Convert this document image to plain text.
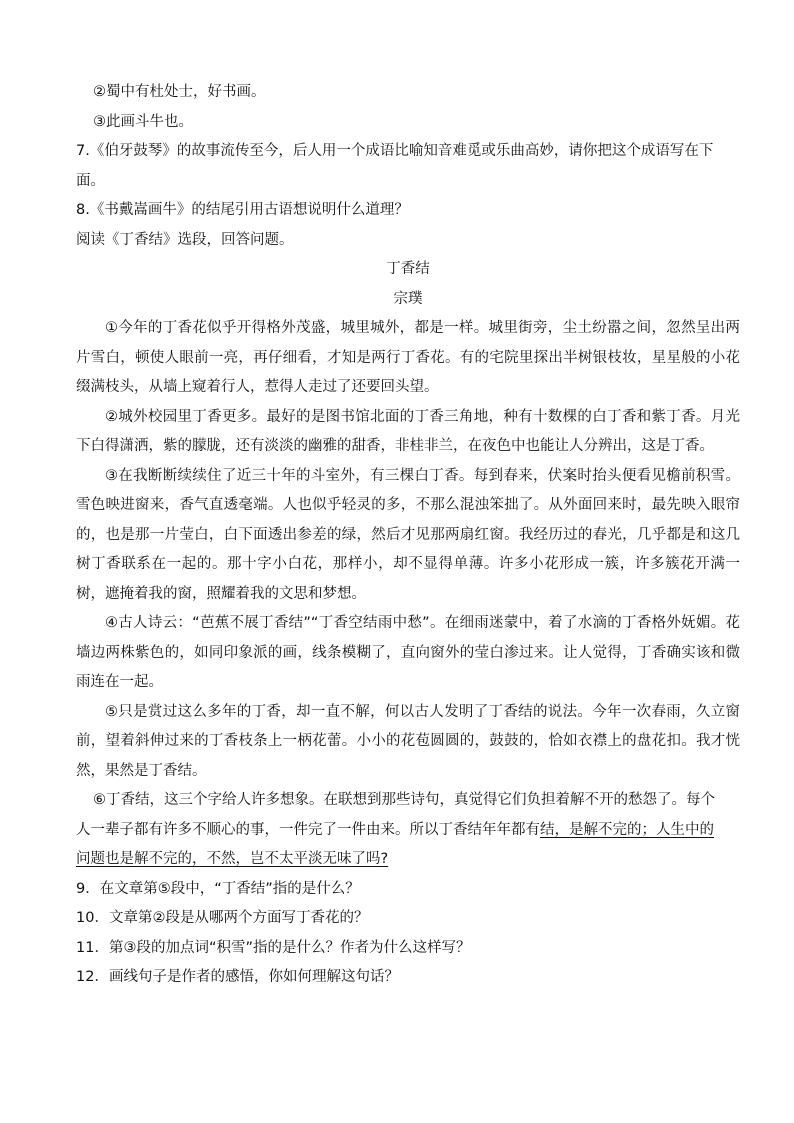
②蜀中有杜处士，好书画。

③此画斗牛也。

7.《伯牙鼓琴》的故事流传至今，后人用一个成语比喻知音难觅或乐曲高妙，请你把这个成语写在下

面。

8.《书戴嵩画牛》的结尾引用古语想说明什么道理？

阅读《丁香结》选段，回答问题。

丁香结

宗璞

①今年的丁香花似乎开得格外茂盛，城里城外，都是一样。城里街旁，尘土纷嚣之间，忽然呈出两片雪白，顿使人眼前一亮，再仔细看，才知是两行丁香花。有的宅院里探出半树银枝妆，星星般的小花缀满枝头，从墙上窥着行人，惹得人走过了还要回头望。

②城外校园里丁香更多。最好的是图书馆北面的丁香三角地，种有十数棵的白丁香和紫丁香。月光下白得潇洒，紫的朦胧，还有淡淡的幽雅的甜香，非桂非兰，在夜色中也能让人分辨出，这是丁香。

③在我断断续续住了近三十年的斗室外，有三棵白丁香。每到春来，伏案时抬头便看见檐前积雪。雪色映进窗来，香气直透毫端。人也似乎轻灵的多，不那么混浊笨拙了。从外面回来时，最先映入眼帘的，也是那一片莹白，白下面透出参差的绿，然后才见那两扇红窗。我经历过的春光，几乎都是和这几树丁香联系在一起的。那十字小白花，那样小，却不显得单薄。许多小花形成一簇，许多簇花开满一树，遮掩着我的窗，照耀着我的文思和梦想。

④古人诗云：“芭蕉不展丁香结”“丁香空结雨中愁”。在细雨迷蒙中，着了水滴的丁香格外妩媚。花墙边两株紫色的，如同印象派的画，线条模糊了，直向窗外的莹白渗过来。让人觉得，丁香确实该和微雨连在一起。

⑤只是赏过这么多年的丁香，却一直不解，何以古人发明了丁香结的说法。今年一次春雨，久立窗前，望着斜伸过来的丁香枝条上一柄花蕾。小小的花苞圆圆的，鼓鼓的，恰如衣襟上的盘花扣。我才恍然，果然是丁香结。

⑥丁香结，这三个字给人许多想象。在联想到那些诗句，真觉得它们负担着解不开的愁怨了。每个

人一辈子都有许多不顺心的事，一件完了一件由来。所以丁香结年年都有结，是解不完的；人生中的

问题也是解不完的，不然，岂不太平淡无味了吗?

9．在文章第⑤段中，“丁香结”指的是什么？

10．文章第②段是从哪两个方面写丁香花的？

11．第③段的加点词“积雪”指的是什么？作者为什么这样写？

12．画线句子是作者的感悟，你如何理解这句话？
